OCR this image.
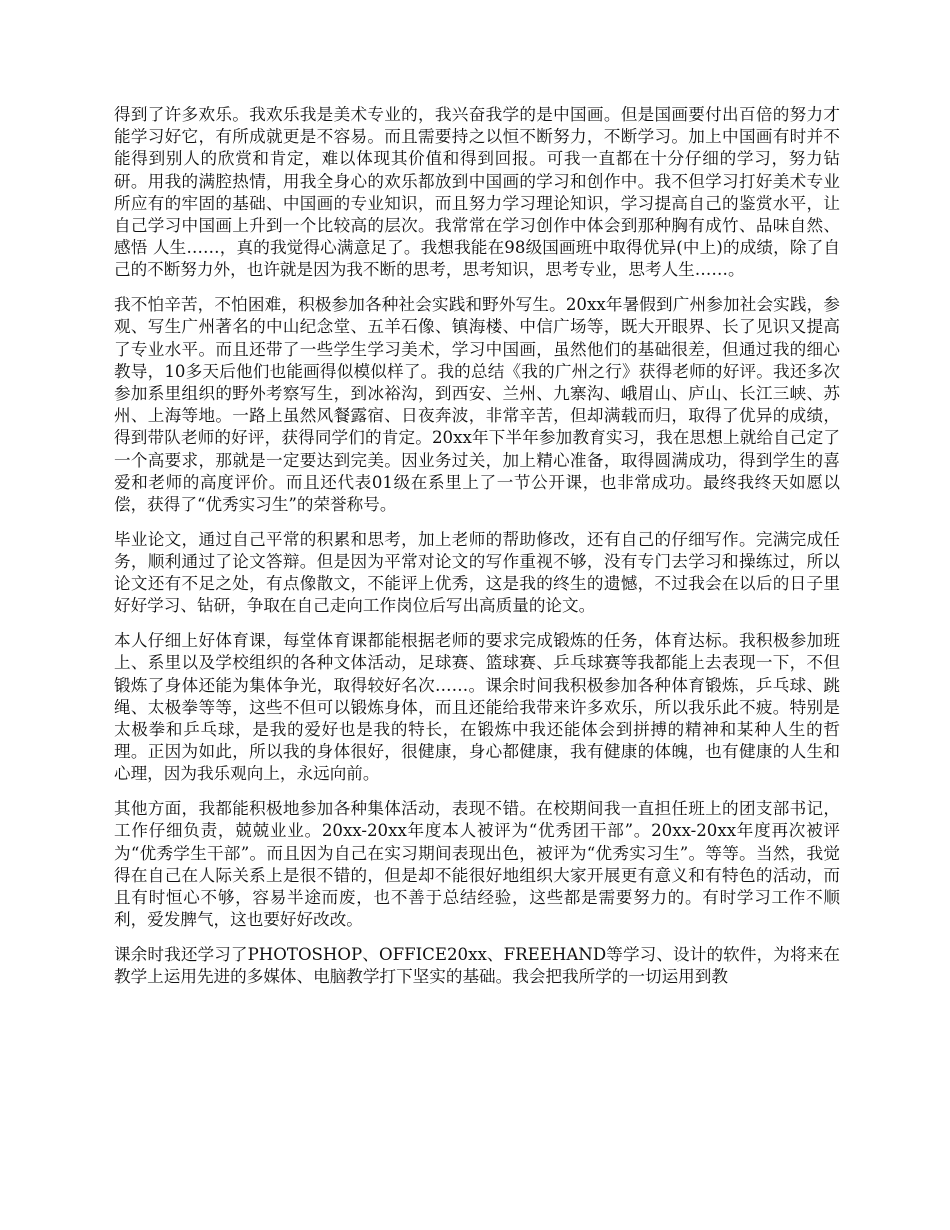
得到了许多欢乐。我欢乐我是美术专业的，我兴奋我学的是中国画。但是国画要付出百倍的努力才能学习好它，有所成就更是不容易。而且需要持之以恒不断努力，不断学习。加上中国画有时并不能得到别人的欣赏和肯定，难以体现其价值和得到回报。可我一直都在十分仔细的学习，努力钻研。用我的满腔热情，用我全身心的欢乐都放到中国画的学习和创作中。我不但学习打好美术专业所应有的牢固的基础、中国画的专业知识，而且努力学习理论知识，学习提高自己的鉴赏水平，让自己学习中国画上升到一个比较高的层次。我常常在学习创作中体会到那种胸有成竹、品味自然、感悟 人生……，真的我觉得心满意足了。我想我能在98级国画班中取得优异(中上)的成绩，除了自己的不断努力外，也许就是因为我不断的思考，思考知识，思考专业，思考人生……。

我不怕辛苦，不怕困难，积极参加各种社会实践和野外写生。20xx年暑假到广州参加社会实践，参观、写生广州著名的中山纪念堂、五羊石像、镇海楼、中信广场等，既大开眼界、长了见识又提高了专业水平。而且还带了一些学生学习美术，学习中国画，虽然他们的基础很差，但通过我的细心教导，10多天后他们也能画得似模似样了。我的总结《我的广州之行》获得老师的好评。我还多次参加系里组织的野外考察写生，到冰裕沟，到西安、兰州、九寨沟、峨眉山、庐山、长江三峡、苏州、上海等地。一路上虽然风餐露宿、日夜奔波，非常辛苦，但却满载而归，取得了优异的成绩，得到带队老师的好评，获得同学们的肯定。20xx年下半年参加教育实习，我在思想上就给自己定了一个高要求，那就是一定要达到完美。因业务过关，加上精心准备，取得圆满成功，得到学生的喜爱和老师的高度评价。而且还代表01级在系里上了一节公开课，也非常成功。最终我终天如愿以偿，获得了“优秀实习生”的荣誉称号。

毕业论文，通过自己平常的积累和思考，加上老师的帮助修改，还有自己的仔细写作。完满完成任务，顺利通过了论文答辩。但是因为平常对论文的写作重视不够，没有专门去学习和操练过，所以论文还有不足之处，有点像散文，不能评上优秀，这是我的终生的遗憾，不过我会在以后的日子里好好学习、钻研，争取在自己走向工作岗位后写出高质量的论文。

本人仔细上好体育课，每堂体育课都能根据老师的要求完成锻炼的任务，体育达标。我积极参加班上、系里以及学校组织的各种文体活动，足球赛、篮球赛、乒乓球赛等我都能上去表现一下，不但锻炼了身体还能为集体争光，取得较好名次……。课余时间我积极参加各种体育锻炼，乒乓球、跳绳、太极拳等等，这些不但可以锻炼身体，而且还能给我带来许多欢乐，所以我乐此不疲。特别是太极拳和乒乓球，是我的爱好也是我的特长，在锻炼中我还能体会到拼搏的精神和某种人生的哲理。正因为如此，所以我的身体很好，很健康，身心都健康，我有健康的体魄，也有健康的人生和心理，因为我乐观向上，永远向前。

其他方面，我都能积极地参加各种集体活动，表现不错。在校期间我一直担任班上的团支部书记，工作仔细负责，兢兢业业。20xx-20xx年度本人被评为“优秀团干部”。20xx-20xx年度再次被评为“优秀学生干部”。而且因为自己在实习期间表现出色，被评为“优秀实习生”。等等。当然，我觉得在自己在人际关系上是很不错的，但是却不能很好地组织大家开展更有意义和有特色的活动，而且有时恒心不够，容易半途而废，也不善于总结经验，这些都是需要努力的。有时学习工作不顺利，爱发脾气，这也要好好改改。

课余时我还学习了PHOTOSHOP、OFFICE20xx、FREEHAND等学习、设计的软件，为将来在教学上运用先进的多媒体、电脑教学打下坚实的基础。我会把我所学的一切运用到教
